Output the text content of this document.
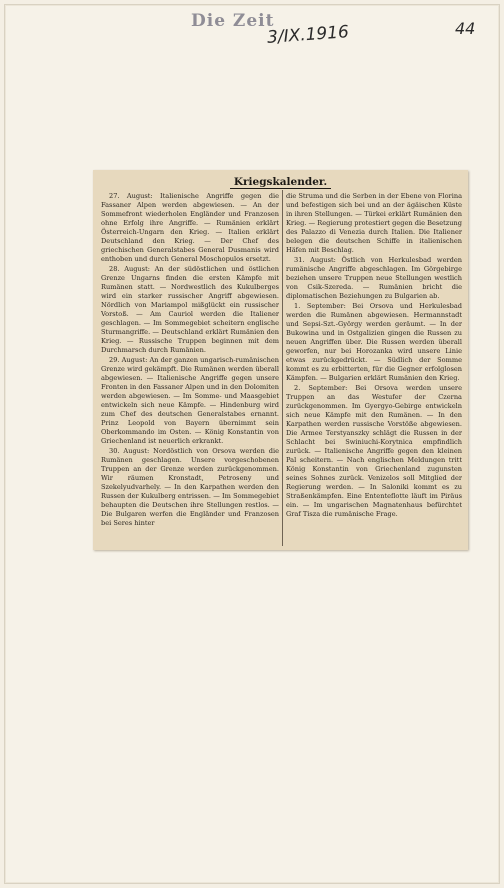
Die Zeit
3/IX.1916	44
Kriegskalender.

27. August: Italienische Angriffe gegen die Fassaner Alpen werden abgewiesen. — An der Sommefront wiederholen Engländer und Franzosen ohne Erfolg ihre Angriffe. — Rumänien erklärt Österreich-Ungarn den Krieg. — Italien erklärt Deutschland den Krieg. — Der Chef des griechischen Generalstabes General Dusmanis wird enthoben und durch General Moschopulos ersetzt.

28. August: An der südöstlichen und östlichen Grenze Ungarns finden die ersten Kämpfe mit Rumänen statt. — Nordwestlich des Kukulberges wird ein starker russischer Angriff abgewiesen. Nördlich von Mariampol mißglückt ein russischer Vorstoß. — Am Cauriol werden die Italiener geschlagen. — Im Sommegebiet scheitern englische Sturmangriffe. — Deutschland erklärt Rumänien den Krieg. — Russische Truppen beginnen mit dem Durchmarsch durch Rumänien.

29. August: An der ganzen ungarisch-rumänischen Grenze wird gekämpft. Die Rumänen werden überall abgewiesen. — Italienische Angriffe gegen unsere Fronten in den Fassaner Alpen und in den Dolomiten werden abgewiesen. — Im Somme- und Maasgebiet entwickeln sich neue Kämpfe. — Hindenburg wird zum Chef des deutschen Generalstabes ernannt. Prinz Leopold von Bayern übernimmt sein Oberkommando im Osten. — König Konstantin von Griechenland ist neuerlich erkrankt.

30. August: Nordöstlich von Orsova werden die Rumänen geschlagen. Unsere vorgeschobenen Truppen an der Grenze werden zurückgenommen. Wir räumen Kronstadt, Petroseny und Szekelyudvarhely. — In den Karpathen werden den Russen der Kukulberg entrissen. — Im Sommegebiet behaupten die Deutschen ihre Stellungen restlos. — Die Bulgaren werfen die Engländer und Franzosen bei Seres hinter

die Struma und die Serben in der Ebene von Florina und befestigen sich bei und an der ägäischen Küste in ihren Stellungen. — Türkei erklärt Rumänien den Krieg. — Regierung protestiert gegen die Besetzung des Palazzo di Venezia durch Italien. Die Italiener belegen die deutschen Schiffe in italienischen Häfen mit Beschlag.

31. August: Östlich von Herkulesbad werden rumänische Angriffe abgeschlagen. Im Görgebirge beziehen unsere Truppen neue Stellungen westlich von Csik-Szereda. — Rumänien bricht die diplomatischen Beziehungen zu Bulgarien ab.

1. September: Bei Orsova und Herkulesbad werden die Rumänen abgewiesen. Hermannstadt und Sepsi-Szt.-György werden geräumt. — In der Bukowina und in Ostgalizien gingen die Russen zu neuen Angriffen über. Die Russen werden überall geworfen, nur bei Horozanka wird unsere Linie etwas zurückgedrückt. — Südlich der Somme kommt es zu erbitterten, für die Gegner erfolglosen Kämpfen. — Bulgarien erklärt Rumänien den Krieg.

2. September: Bei Orsova werden unsere Truppen an das Westufer der Czerna zurückgenommen. Im Gyergyo-Gebirge entwickeln sich neue Kämpfe mit den Rumänen. — In den Karpathen werden russische Vorstöße abgewiesen. Die Armee Terstyanszky schlägt die Russen in der Schlacht bei Swiniuchi-Korytnica empfindlich zurück. — Italienische Angriffe gegen den kleinen Pal scheitern. — Nach englischen Meldungen tritt König Konstantin von Griechenland zugunsten seines Sohnes zurück. Venizelos soll Mitglied der Regierung werden. — In Saloniki kommt es zu Straßenkämpfen. Eine Ententeflotte läuft im Piräus ein. — Im ungarischen Magnatenhaus befürchtet Graf Tisza die rumänische Frage.
